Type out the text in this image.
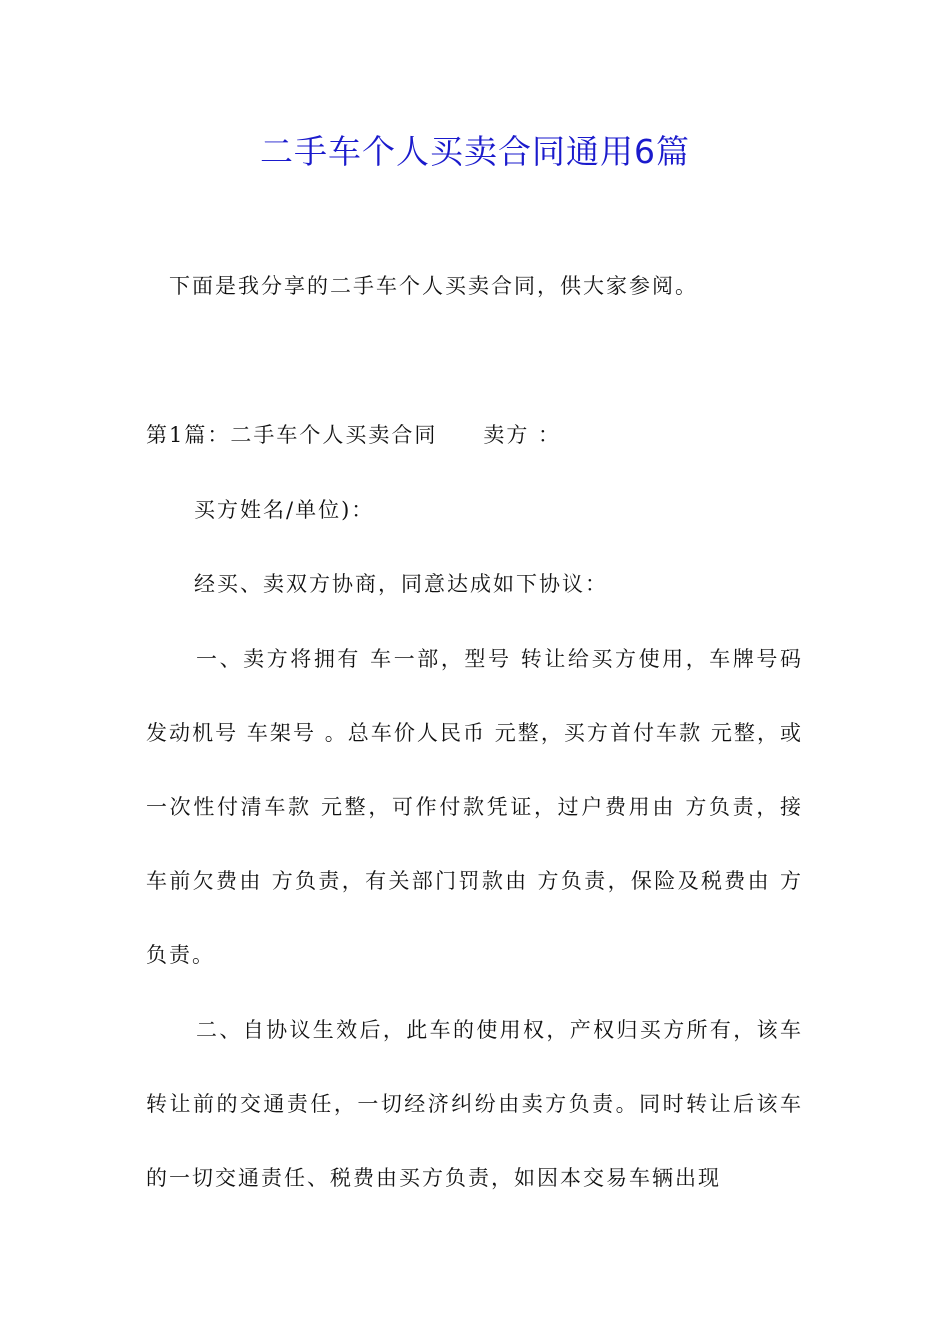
二手车个人买卖合同通用6篇
下面是我分享的二手车个人买卖合同，供大家参阅。
第1篇：二手车个人买卖合同 卖方 ：
买方姓名/单位)：
经买、卖双方协商，同意达成如下协议：

一、卖方将拥有 车一部，型号 转让给买方使用，车牌号码 发动机号 车架号 。总车价人民币 元整，买方首付车款 元整，或一次性付清车款 元整，可作付款凭证，过户费用由 方负责，接车前欠费由 方负责，有关部门罚款由 方负责，保险及税费由 方负责。

二、自协议生效后，此车的使用权，产权归买方所有，该车转让前的交通责任，一切经济纠纷由卖方负责。同时转让后该车的一切交通责任、税费由买方负责，如因本交易车辆出现
